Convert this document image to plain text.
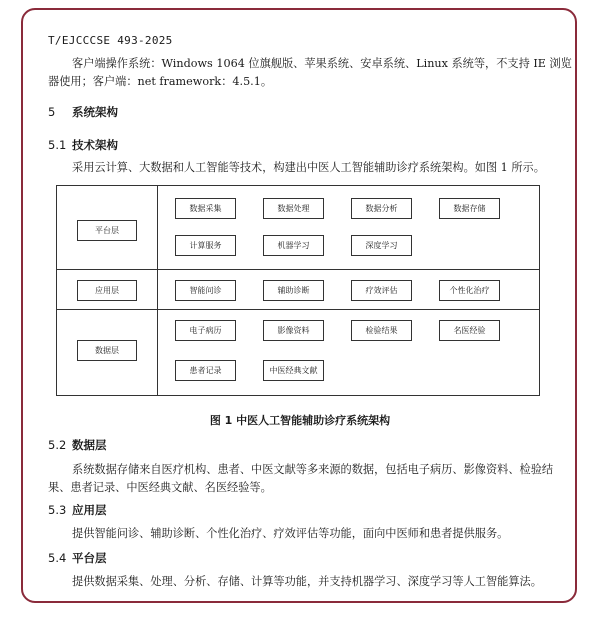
T/EJCCCSE 493-2025
客户端操作系统：Windows 1064 位旗舰版、苹果系统、安卓系统、Linux 系统等，不支持 IE 浏览
器使用；客户端：net framework：4.5.1。
5 系统架构
5.1 技术架构
采用云计算、大数据和人工智能等技术，构建出中医人工智能辅助诊疗系统架构。如图 1 所示。
平台层
数据采集	数据处理	数据分析	数据存储
计算服务	机器学习	深度学习
应用层	智能问诊	辅助诊断	疗效评估	个性化治疗
数据层
电子病历	影像资料	检验结果	名医经验
患者记录	中医经典文献
图 1 中医人工智能辅助诊疗系统架构
5.2 数据层
系统数据存储来自医疗机构、患者、中医文献等多来源的数据，包括电子病历、影像资料、检验结
果、患者记录、中医经典文献、名医经验等。
5.3 应用层
提供智能问诊、辅助诊断、个性化治疗、疗效评估等功能，面向中医师和患者提供服务。
5.4 平台层
提供数据采集、处理、分析、存储、计算等功能，并支持机器学习、深度学习等人工智能算法。
